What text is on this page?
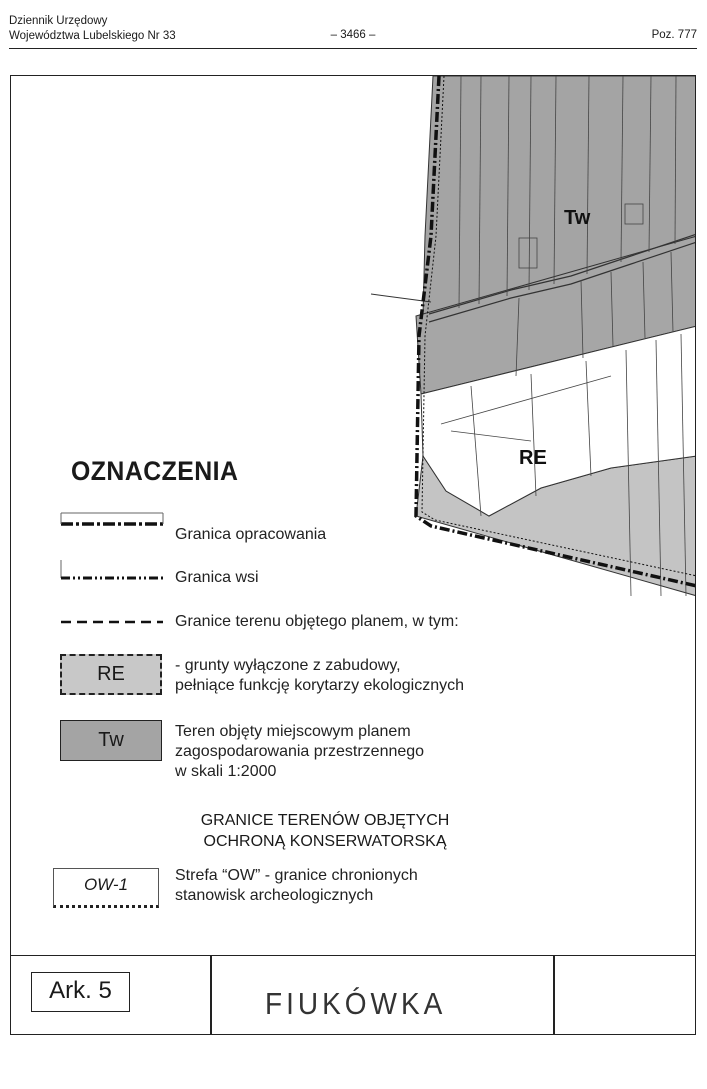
Dziennik Urzędowy
Województwa Lubelskiego Nr 33	– 3466 –	Poz. 777
Tw
RE
OZNACZENIA
Granica opracowania
Granica wsi
Granice terenu objętego planem, w tym:
RE	- grunty wyłączone z zabudowy,
pełniące funkcję korytarzy ekologicznych
Tw	Teren objęty miejscowym planem
zagospodarowania przestrzennego
w skali 1:2000
GRANICE TERENÓW OBJĘTYCH
OCHRONĄ KONSERWATORSKĄ
OW-1	Strefa “OW” - granice chronionych
stanowisk archeologicznych
Ark. 5	FIUKÓWKA
